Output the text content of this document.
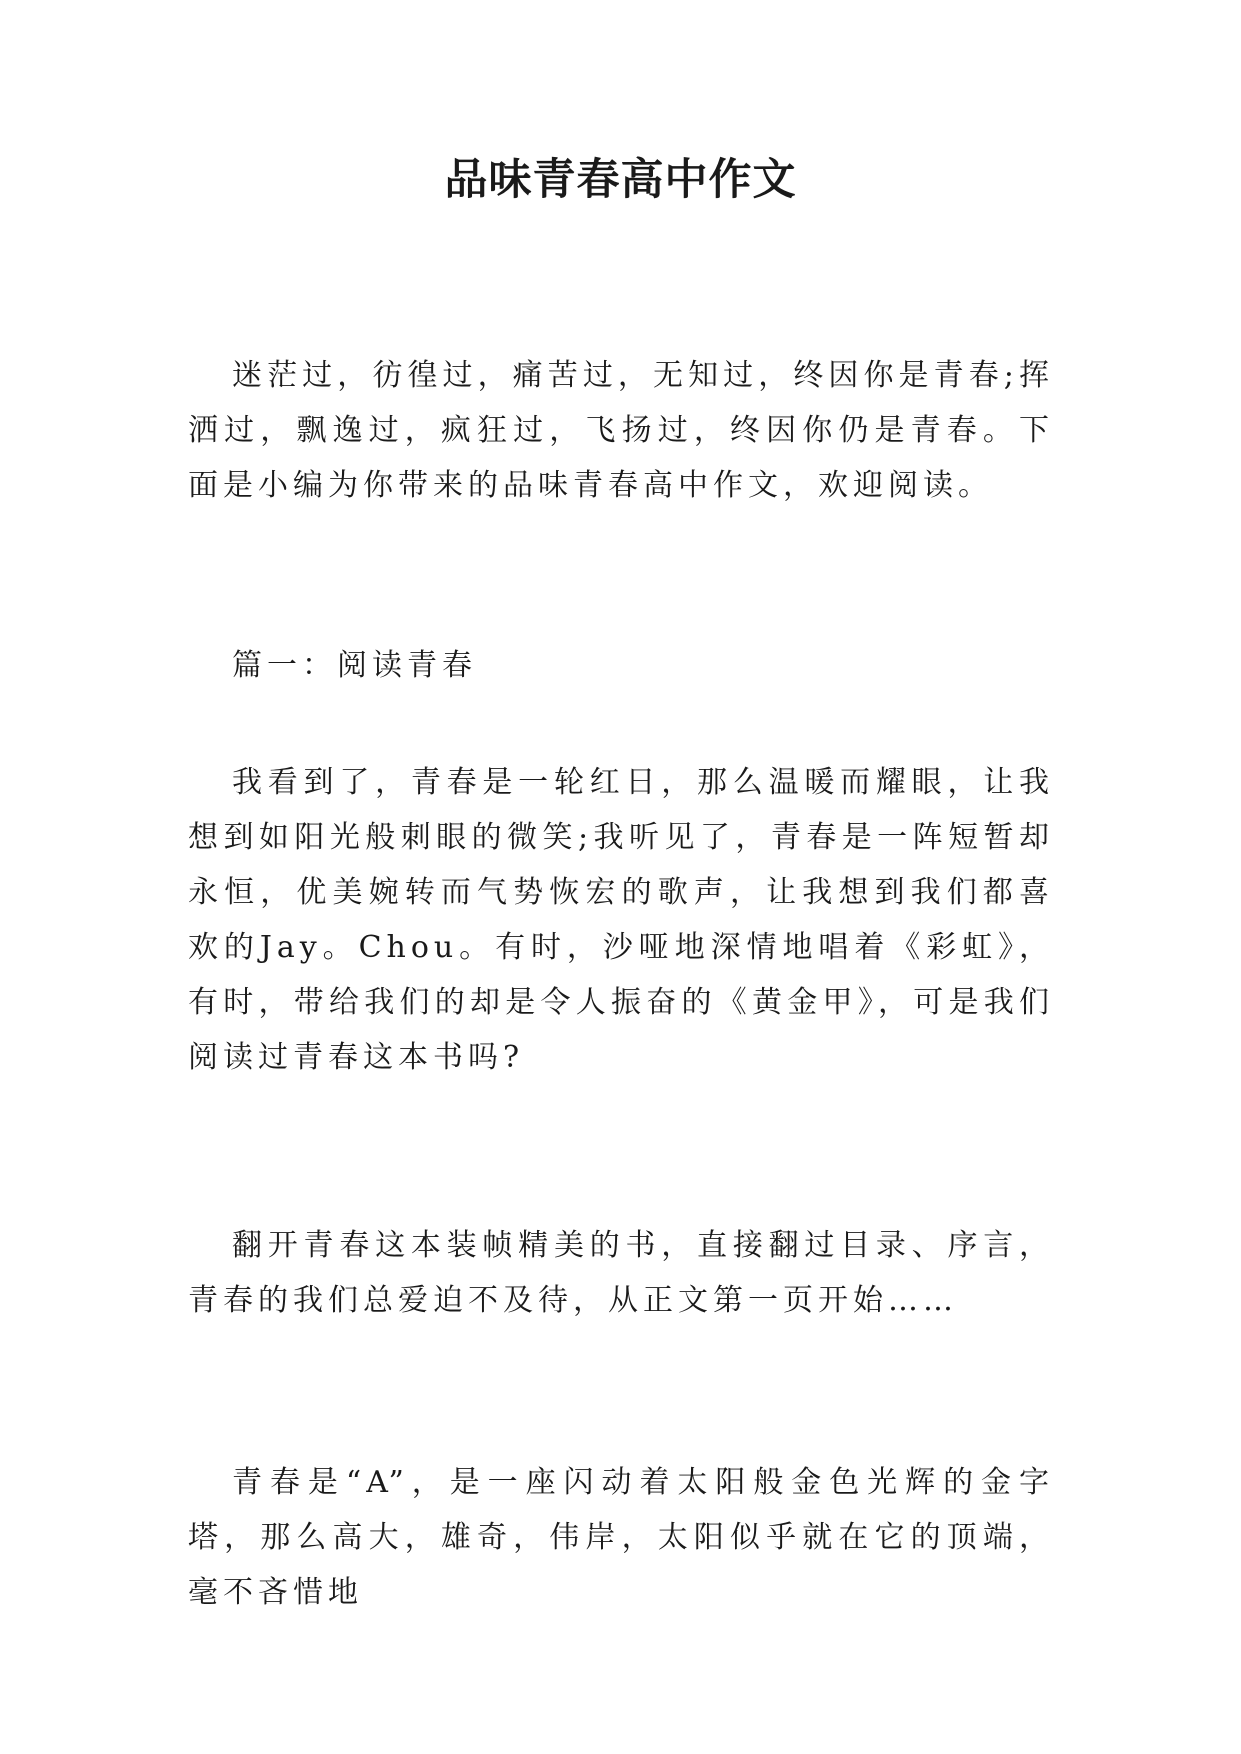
品味青春高中作文

迷茫过，彷徨过，痛苦过，无知过，终因你是青春;挥洒过，飘逸过，疯狂过，飞扬过，终因你仍是青春。下面是小编为你带来的品味青春高中作文，欢迎阅读。

篇一：阅读青春

我看到了，青春是一轮红日，那么温暖而耀眼，让我想到如阳光般刺眼的微笑;我听见了，青春是一阵短暂却永恒，优美婉转而气势恢宏的歌声，让我想到我们都喜欢的Jay。Chou。有时，沙哑地深情地唱着《彩虹》，有时，带给我们的却是令人振奋的《黄金甲》，可是我们阅读过青春这本书吗?

翻开青春这本装帧精美的书，直接翻过目录、序言，青春的我们总爱迫不及待，从正文第一页开始……

青春是“A”，是一座闪动着太阳般金色光辉的金字塔，那么高大，雄奇，伟岸，太阳似乎就在它的顶端，毫不吝惜地
